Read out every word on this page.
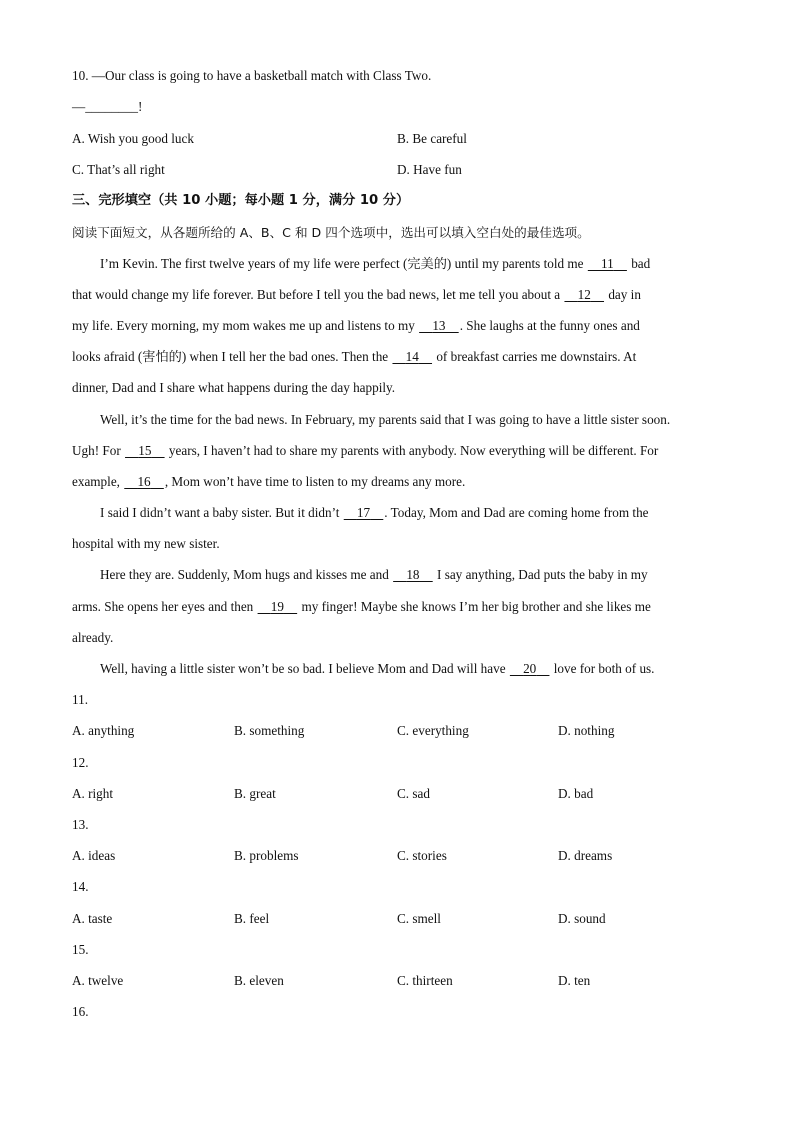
10. —Our class is going to have a basketball match with Class Two.
—________!
A. Wish you good luck	B. Be careful
C. That’s all right	D. Have fun
三、完形填空（共 10 小题；每小题 1 分，满分 10 分）
阅读下面短文，从各题所给的 A、B、C 和 D 四个选项中，选出可以填入空白处的最佳选项。
I’m Kevin. The first twelve years of my life were perfect (完美的) until my parents told me     11     bad
that would change my life forever. But before I tell you the bad news, let me tell you about a     12     day in
my life. Every morning, my mom wakes me up and listens to my     13 . She laughs at the funny ones and
looks afraid (害怕的) when I tell her the bad ones. Then the     14     of breakfast carries me downstairs. At
dinner, Dad and I share what happens during the day happily.
Well, it’s the time for the bad news. In February, my parents said that I was going to have a little sister soon.
Ugh! For     15     years, I haven’t had to share my parents with anybody. Now everything will be different. For
example,     16 , Mom won’t have time to listen to my dreams any more.
I said I didn’t want a baby sister. But it didn’t     17 . Today, Mom and Dad are coming home from the
hospital with my new sister.
Here they are. Suddenly, Mom hugs and kisses me and     18     I say anything, Dad puts the baby in my
arms. She opens her eyes and then     19     my finger! Maybe she knows I’m her big brother and she likes me
already.
Well, having a little sister won’t be so bad. I believe Mom and Dad will have     20     love for both of us.
11.
A. anything	B. something	C. everything	D. nothing
12.
A. right	B. great	C. sad	D. bad
13.
A. ideas	B. problems	C. stories	D. dreams
14.
A. taste	B. feel	C. smell	D. sound
15.
A. twelve	B. eleven	C. thirteen	D. ten
16.
